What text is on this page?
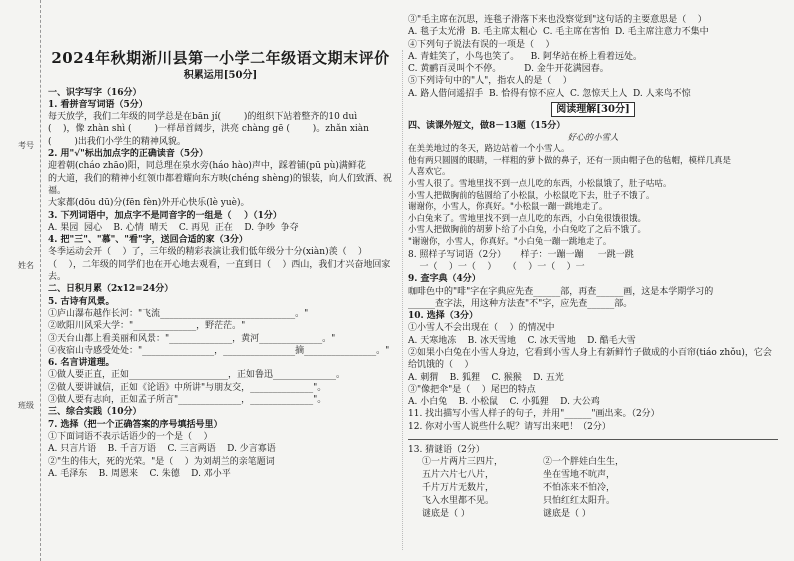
考号
姓名
班级
2024年秋期淅川县第一小学二年级语文期末评价
积累运用[50分]
一、识字写字（16分）
1. 看拼音写词语（5分）
每天放学，我们二年级的同学总是在bān jí(        )的组织下站着整齐的10 duì
(    )，像 zhàn shì (        )一样昂首阔步，洪亮 chàng gē (        )。zhǎn xiàn
(        )出我们小学生的精神风貌。
2. 用"√"标出加点字的正确读音（5分）
迎着朝(cháo zhāo)阳，同总理在泉水旁(háo hào)声中，踩着铺(pū pù)满鲜花
的大道，我们的精神小红领巾都着耀向东方映(chéng shèng)的银装，向人们致洒、祝福。
大家都(dōu dū)分(fēn fèn)外开心快乐(lè yuè)。
3. 下列词语中，加点字不是同音字的一组是（    ）（1分）
A. 果园  园心    B. 心情  晴天    C. 再见  正在    D. 争吵  争夺
4. 把"三"、"慕"、"看"字，送回合适的家（3分）
冬季运动会开（    ）了，三年级的精彩表演让我们低年级分十分(xiàn)羡（    ）
（    ），二年级的同学们也在开心地去观看，一直到日（    ）西山，我们才兴奋地回家去。
二、日积月累（2x12=24分）
5. 古诗有风景。
①庐山瀑布越作长河："飞流______________________________。"
②欧阳川风采大学："______________，野茫茫。"
③天台山都上看美丽和风景："______________，黄河______________。"
④夜宿山寺感受处处："________________，________________摘________________。"
6. 名言讲道理。
①做人要正直，正如______________________，正如鲁迅______________。
②做人要讲诚信，正如《论语》中所讲"与朋友交，______________"。
③做人要有志向，正如孟子所言"______________，______________"。
三、综合实践（10分）
7. 选择（把一个正确答案的序号填括号里）
①下面词语不表示话语少的一个是（    ）
A. 只言片语    B. 千言万语    C. 三言两语    D. 少言寡语
②"生的伟大，死的光荣。"是（    ）为刘胡兰的亲笔题词
A. 毛泽东    B. 周恩来    C. 朱德    D. 邓小平
③"毛主席在沉思，连毯子滑落下来也没察觉到"这句话的主要意思是（    ）
A. 毯子太光滑  B. 毛主席太粗心  C. 毛主席在害怕  D. 毛主席注意力不集中
④下列句子说法有误的一项是（    ）
A. 青蛙笑了，小鸟也笑了。    B. 阿华站在桥上看着远处。
C. 黄鹂百灵叫个不停。        D. 金牛开花满园春。
⑤下列诗句中的"人"，指农人的是（    ）
A. 路人借问遥招手  B. 恰得有惊不应人  C. 忽惊天上人  D. 人来鸟不惊
阅读理解[30分]
四、读课外短文，做8－13题（15分）
好心的小雪人
在美美地过的冬天，路边站着一个小雪人。
他有两只圆圆的眼睛，一样粗的萝卜做的鼻子，还有一顶由帽子色的毡帽，模样几真是
人喜欢它。
小雪人很了。雪地里找不到一点儿吃的东西，小松鼠饿了，肚子咕咕。
小雪人把做胸前的毡圆给了小松鼠，小松鼠吃下去，肚子不饿了。
谢谢你，小雪人，你真好。"小松鼠一蹦一跳地走了。
小白兔来了。雪地里找不到一点儿吃的东西，小白兔很饿很饿。
小雪人把做胸前的胡萝卜给了小白兔，小白兔吃了之后不饿了。
"谢谢你，小雪人，你真好。"小白兔一蹦一跳地走了。
8. 照样子写词语（2分）     样子：一蹦一蹦     一跳一跳
一（    ）一（    ）    （    ）一（    ）一
9. 查字典（4分）
咖啡色中的"啡"字在字典应先查______部，再查______画，这是本学期学习的
______查字法，用这种方法查"不"字，应先查______部。
10. 选择（3分）
①小雪人不会出现在（    ）的情况中
A. 天寒地冻    B. 冰天雪地    C. 冰天雪地    D. 酷毛大雪
②如果小白兔在小雪人身边，它看到小雪人身上有新鲜竹子做成的小百帘(tiáo zhǒu)，它会给饥饿的（    ）
A. 刺猬    B. 狐狸    C. 猴猴    D. 五光
③"像把伞"是（    ）尾巴的特点
A. 小白兔    B. 小松鼠    C. 小狐狸    D. 大公鸡
11. 找出描写小雪人样子的句子，并用"______"画出来。（2分）
12. 你对小雪人说些什么呢？请写出来吧！（2分）
13. 猜谜语（2分）
①一片两片三四片，
五片六片七八片，
千片万片无数片，
飞入水里都不见。
谜底是（ ）
②一个胖娃白生生，
坐在雪地不吭声，
不怕冻来不怕冷，
只怕红红太阳升。
谜底是（ ）
